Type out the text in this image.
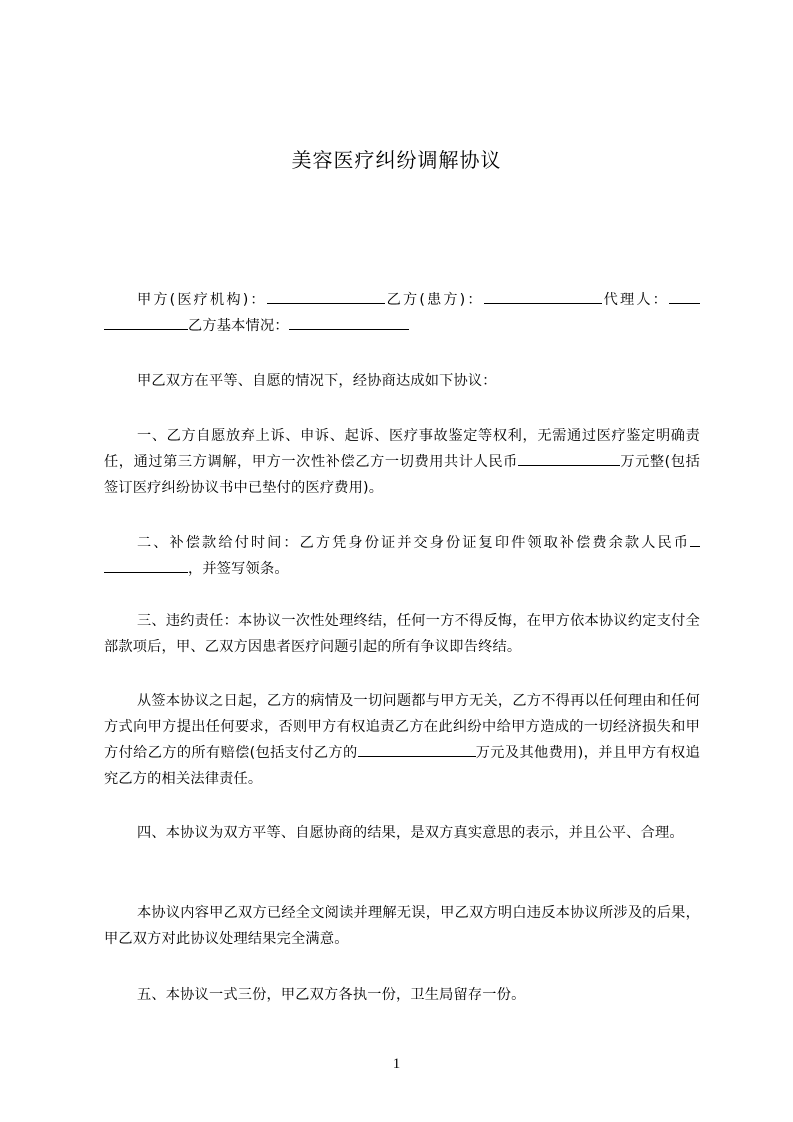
美容医疗纠纷调解协议
甲方(医疗机构)：	乙方(患方)：	代理人：乙方基本情况：
甲乙双方在平等、自愿的情况下，经协商达成如下协议：
一、乙方自愿放弃上诉、申诉、起诉、医疗事故鉴定等权利，无需通过医疗鉴定明确责任，通过第三方调解，甲方一次性补偿乙方一切费用共计人民币	万元整(包括签订医疗纠纷协议书中已垫付的医疗费用)。
二、补偿款给付时间：乙方凭身份证并交身份证复印件领取补偿费余款人民币，并签写领条。
三、违约责任：本协议一次性处理终结，任何一方不得反悔，在甲方依本协议约定支付全部款项后，甲、乙双方因患者医疗问题引起的所有争议即告终结。
从签本协议之日起，乙方的病情及一切问题都与甲方无关，乙方不得再以任何理由和任何方式向甲方提出任何要求，否则甲方有权追责乙方在此纠纷中给甲方造成的一切经济损失和甲方付给乙方的所有赔偿(包括支付乙方的	万元及其他费用)，并且甲方有权追究乙方的相关法律责任。
四、本协议为双方平等、自愿协商的结果，是双方真实意思的表示，并且公平、合理。
本协议内容甲乙双方已经全文阅读并理解无误，甲乙双方明白违反本协议所涉及的后果，甲乙双方对此协议处理结果完全满意。
五、本协议一式三份，甲乙双方各执一份，卫生局留存一份。
1
